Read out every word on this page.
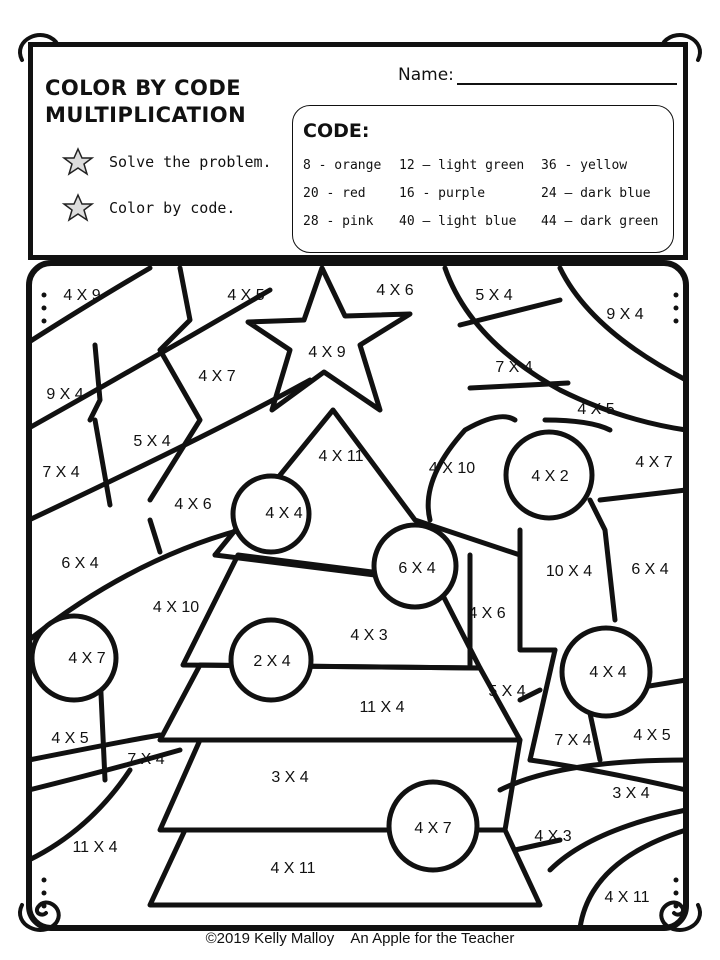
4 X 9	4 X 5	4 X 6	5 X 4
9 X 4
4 X 9
4 X 7
7 X 4
9 X 4
5 X 4
4 X 5
4 X 11
4 X 10	4 X 2
4 X 7
7 X 4
4 X 6
4 X 4
6 X 4	10 X 4 6 X 4
6 X 4
4 X 10
4 X 3
4 X 6
4 X 7	2 X 4
4 X 4
5 X 4
11 X 4
4 X 5
7 X 4
7 X 4	4 X 5
3 X 4
3 X 4
4 X 7	4 X 3
11 X 4
4 X 11
4 X 11
COLOR BY CODE
MULTIPLICATION
Solve the problem.
Color by code.
Name:
CODE:
8 - orange	12 – light green	36 - yellow
20 - red	16 - purple	24 – dark blue
28 - pink	40 – light blue	44 – dark green
©2019 Kelly Malloy An Apple for the Teacher
